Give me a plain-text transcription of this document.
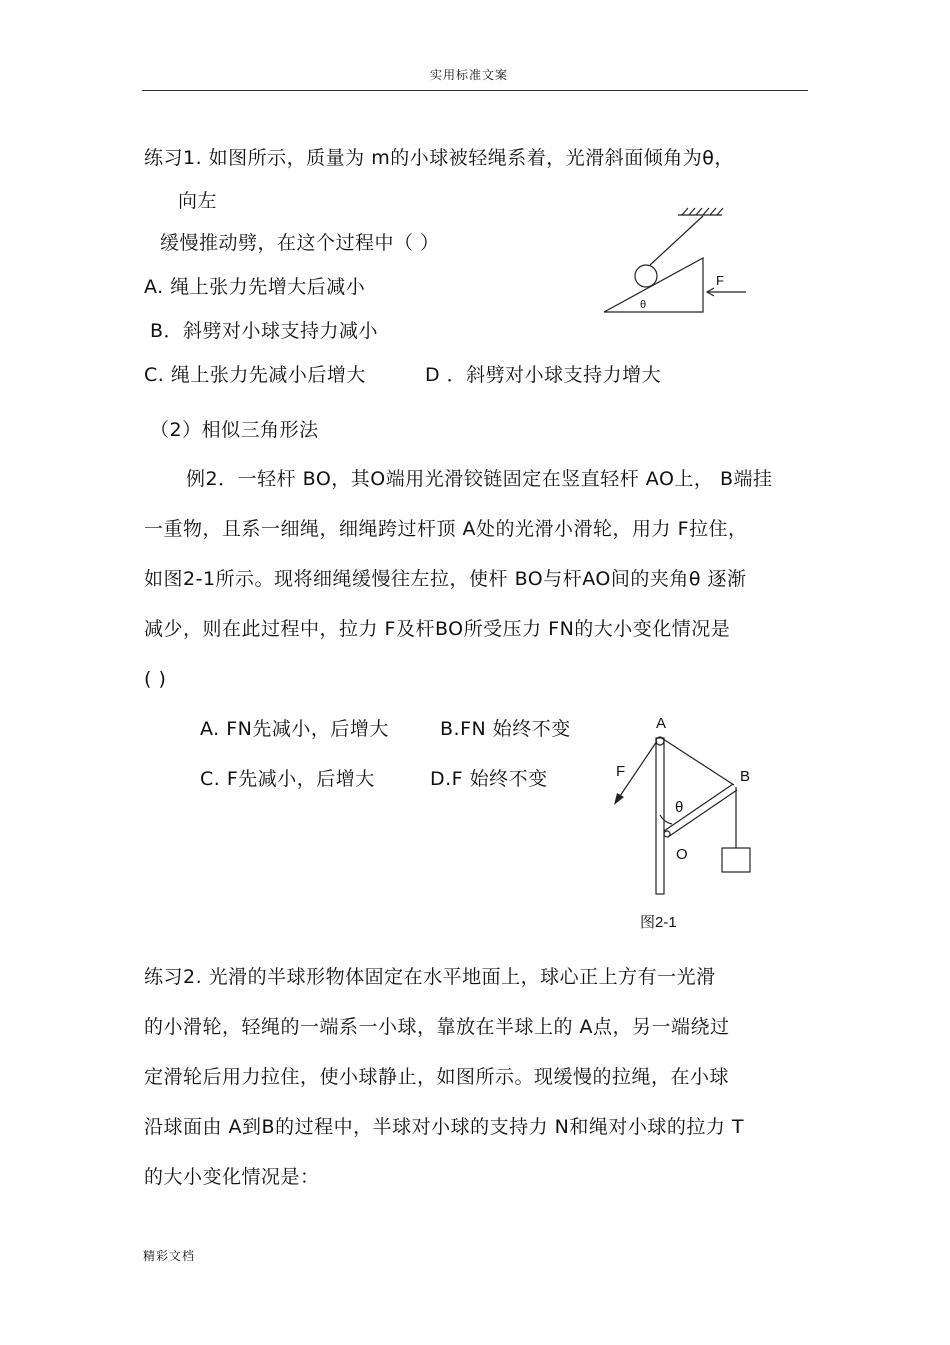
实用标准文案
练习1. 如图所示，质量为 m的小球被轻绳系着，光滑斜面倾角为θ，
向左
缓慢推动劈，在这个过程中（ ）
A. 绳上张力先增大后减小
B．斜劈对小球支持力减小
C. 绳上张力先减小后增大	D ．斜劈对小球支持力增大
F
θ
（2）相似三角形法
例2．一轻杆 BO，其O端用光滑铰链固定在竖直轻杆 AO上， B端挂
一重物，且系一细绳，细绳跨过杆顶 A处的光滑小滑轮，用力 F拉住，
如图2-1所示。现将细绳缓慢往左拉，使杆 BO与杆AO间的夹角θ 逐渐
减少，则在此过程中，拉力 F及杆BO所受压力 FN的大小变化情况是
( )
A. FN先减小，后增大	B.FN 始终不变
C. F先减小，后增大	D.F 始终不变
A
B
F
O
θ
图2-1
练习2. 光滑的半球形物体固定在水平地面上，球心正上方有一光滑
的小滑轮，轻绳的一端系一小球，靠放在半球上的 A点，另一端绕过
定滑轮后用力拉住，使小球静止，如图所示。现缓慢的拉绳，在小球
沿球面由 A到B的过程中，半球对小球的支持力 N和绳对小球的拉力 T
的大小变化情况是：
精彩文档
